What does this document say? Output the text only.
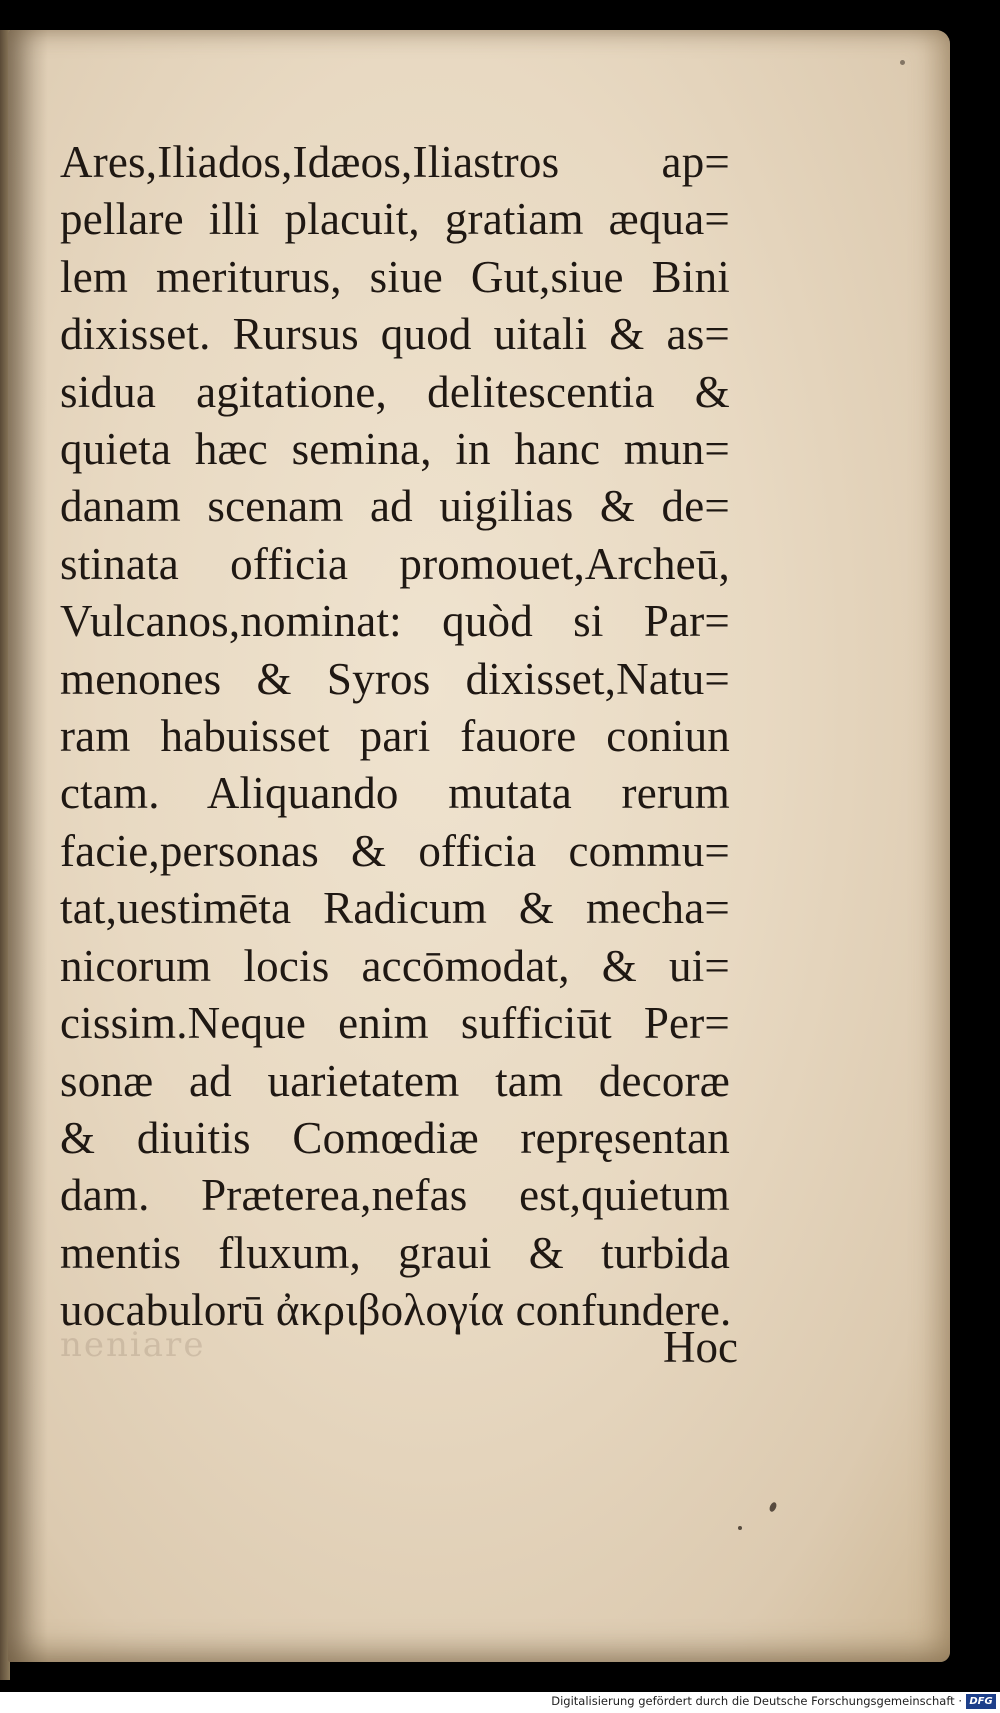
neniare

Ares,Iliados,Idæos,Iliastros ap=
pellare illi placuit, gratiam æqua=
lem meriturus, siue Gut,siue Bini
dixisset. Rursus quod uitali & as=
sidua agitatione, delitescentia &
quieta hæc semina, in hanc mun=
danam scenam ad uigilias & de=
stinata officia promouet,Archeū,
Vulcanos,nominat: quòd si Par=
menones & Syros dixisset,Natu=
ram habuisset pari fauore coniun
ctam. Aliquando mutata rerum
facie,personas & officia commu=
tat,uestimēta Radicum & mecha=
nicorum locis accōmodat, & ui=
cissim.Neque enim sufficiūt Per=
sonæ ad uarietatem tam decoræ
& diuitis Comœdiæ repręsentan
dam. Præterea,nefas est,quietum
mentis fluxum, graui & turbida
uocabulorū ἀκριβολογία confundere.

Hoc
Digitalisierung gefördert durch die Deutsche Forschungsgemeinschaft · DFG
